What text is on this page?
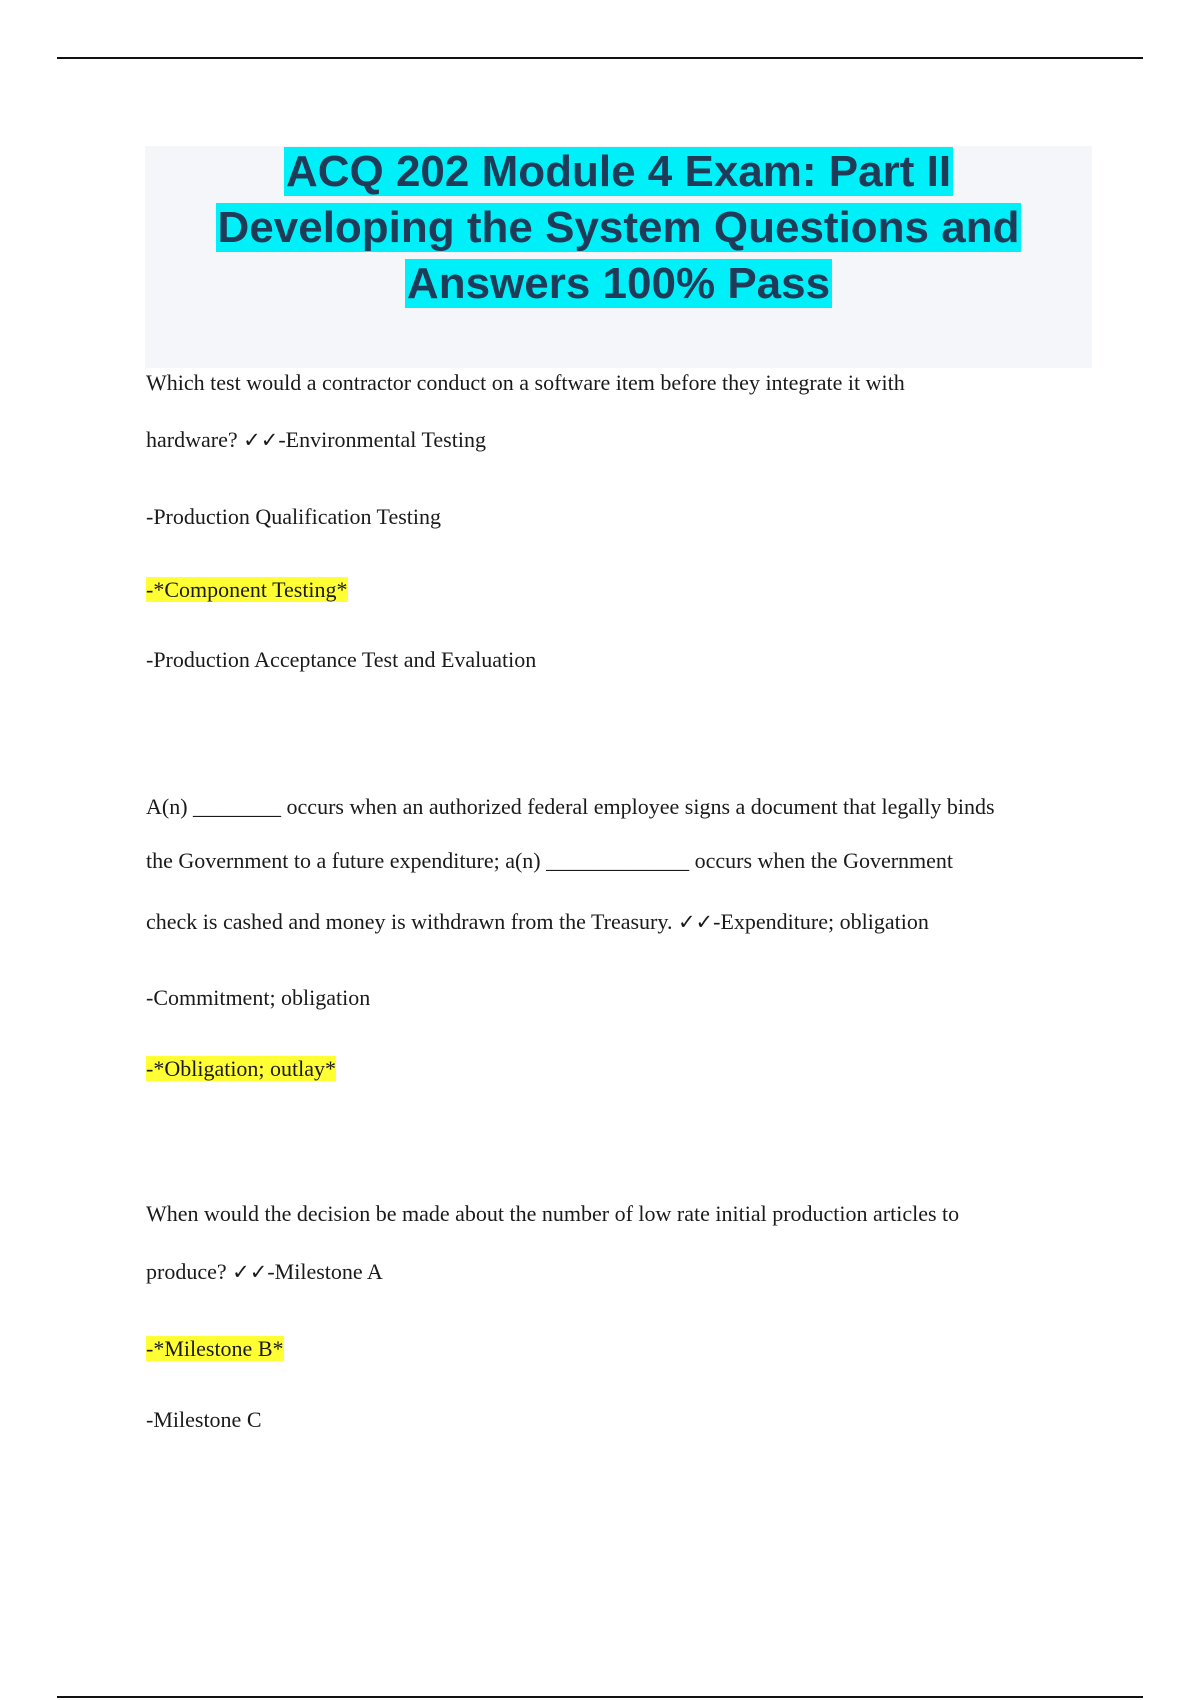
ACQ 202 Module 4 Exam: Part II
Developing the System Questions and
Answers 100% Pass

Which test would a contractor conduct on a software item before they integrate it with

hardware? ✓✓-Environmental Testing

-Production Qualification Testing

-*Component Testing*

-Production Acceptance Test and Evaluation

A(n) ________ occurs when an authorized federal employee signs a document that legally binds

the Government to a future expenditure; a(n) _____________ occurs when the Government

check is cashed and money is withdrawn from the Treasury. ✓✓-Expenditure; obligation

-Commitment; obligation

-*Obligation; outlay*

When would the decision be made about the number of low rate initial production articles to

produce? ✓✓-Milestone A

-*Milestone B*

-Milestone C
